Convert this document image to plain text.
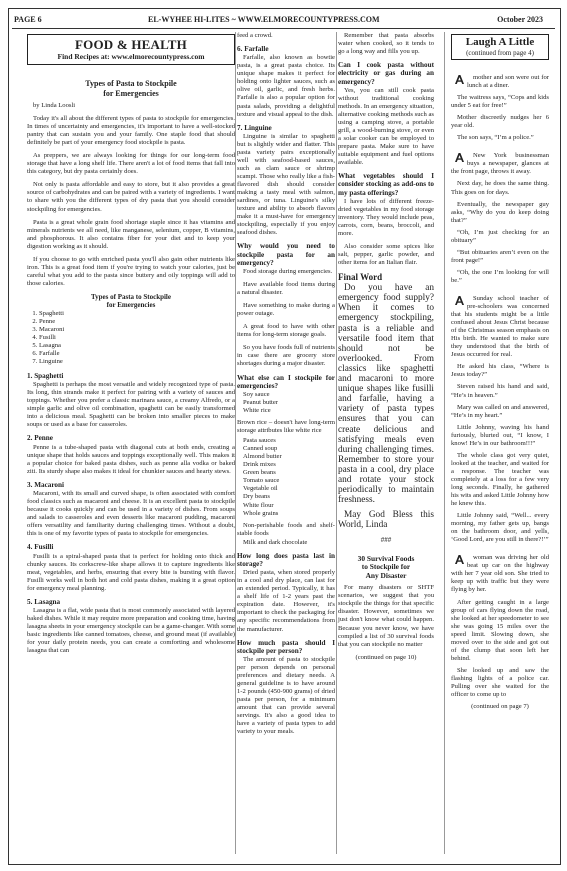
PAGE 6	EL-WYHEE HI-LITES ~ WWW.ELMORECOUNTYPRESS.COM	October 2023
FOOD & HEALTH
Find Recipes at: www.elmorecountypress.com
Types of Pasta to Stockpile
for Emergencies

by Linda Loosli

Today it's all about the different types of pasta to stockpile for emergencies. In times of uncertainty and emergencies, it's important to have a well-stocked pantry that can sustain you and your family. One staple food that should definitely be part of your emergency food stockpile is pasta.

As preppers, we are always looking for things for our long-term food storage that have a long shelf life. There aren't a lot of food items that fall into this category, but dry pasta certainly does.

Not only is pasta affordable and easy to store, but it also provides a great source of carbohydrates and can be paired with a variety of ingredients. I want to share with you the different types of dry pasta that you should consider stockpiling for emergencies.

Pasta is a great whole grain food shortage staple since it has vitamins and minerals nutrients we all need, like manganese, selenium, copper, B vitamins, and phosphorous. It also contains fiber for your diet and to keep your digestion working as it should.

If you choose to go with enriched pasta you'll also gain other nutrients like iron. This is a great food item if you're trying to watch your calories, just be careful what you add to the pasta since buttery and oily toppings will add to those calories.

Types of Pasta to Stockpile
for Emergencies
1. Spaghetti
2. Penne
3. Macaroni
4. Fusilli
5. Lasagna
6. Farfalle
7. Linguine
1. Spaghetti

Spaghetti is perhaps the most versatile and widely recognized type of pasta. Its long, thin strands make it perfect for pairing with a variety of sauces and toppings. Whether you prefer a classic marinara sauce, a creamy Alfredo, or a simple garlic and olive oil combination, spaghetti can be easily transformed into a delicious meal. Spaghetti can be broken into smaller pieces to make soups or used as a base for casseroles.

2. Penne

Penne is a tube-shaped pasta with diagonal cuts at both ends, creating a unique shape that holds sauces and toppings exceptionally well. This makes it a popular choice for baked pasta dishes, such as penne alla vodka or baked ziti. Its sturdy shape also makes it ideal for chunkier sauces and hearty stews.

3. Macaroni

Macaroni, with its small and curved shape, is often associated with comfort food classics such as macaroni and cheese. It is an excellent pasta to stockpile because it cooks quickly and can be used in a variety of dishes. From soups and salads to casseroles and even desserts like macaroni pudding, macaroni offers versatility and familiarity during challenging times. Without a doubt, this is one of my favorite types of pasta to stockpile for emergencies.

4. Fusilli

Fusilli is a spiral-shaped pasta that is perfect for holding onto thick and chunky sauces. Its corkscrew-like shape allows it to capture ingredients like meat, vegetables, and herbs, ensuring that every bite is bursting with flavor. Fusilli works well in both hot and cold pasta dishes, making it a great option for emergency meal planning.

5. Lasagna

Lasagna is a flat, wide pasta that is most commonly associated with layered baked dishes. While it may require more preparation and cooking time, having lasagna sheets in your emergency stockpile can be a game-changer. With some basic ingredients like canned tomatoes, cheese, and ground meat (if available) for your daily protein needs, you can create a comforting and wholesome lasagna that can

feed a crowd.

6. Farfalle

Farfalle, also known as bowtie pasta, is a great pasta choice. Its unique shape makes it perfect for holding onto lighter sauces, such as olive oil, garlic, and fresh herbs. Farfalle is also a popular option for pasta salads, providing a delightful texture and visual appeal to the dish.

7. Linguine

Linguine is similar to spaghetti but is slightly wider and flatter. This pasta variety pairs exceptionally well with seafood-based sauces, such as clam sauce or shrimp scampi. Those who really like a fish-flavored dish should consider making a tasty meal with salmon, sardines, or tuna. Linguine's silky texture and ability to absorb flavors make it a must-have for emergency stockpiling, especially if you enjoy seafood dishes.

Why would you need to stockpile pasta for an emergency?

Food storage during emergencies.

Have available food items during a natural disaster.

Have something to make during a power outage.

A great food to have with other items for long-term storage goals.

So you have foods full of nutrients in case there are grocery store shortages during a major disaster.

What else can I stockpile for emergencies?
Soy sauce
Peanut butter
White rice

Brown rice – doesn't have long-term storage attributes like white rice

Pasta sauces
Canned soup
Almond butter
Drink mixes
Green beans
Tomato sauce
Vegetable oil
Dry beans
White flour
Whole grains

Non-perishable foods and shelf-stable foods

Milk and dark chocolate

How long does pasta last in storage?

Dried pasta, when stored properly in a cool and dry place, can last for an extended period. Typically, it has a shelf life of 1-2 years past the expiration date. However, it's important to check the packaging for any specific recommendations from the manufacturer.

How much pasta should I stockpile per person?

The amount of pasta to stockpile per person depends on personal preferences and dietary needs. A general guideline is to have around 1-2 pounds (450-900 grams) of dried pasta per person, for a minimum amount that can provide several servings. It's also a good idea to have a variety of pasta types to add variety to your meals.

Remember that pasta absorbs water when cooked, so it tends to go a long way and fills you up.

Can I cook pasta without electricity or gas during an emergency?

Yes, you can still cook pasta without traditional cooking methods. In an emergency situation, alternative cooking methods such as using a camping stove, a portable grill, a wood-burning stove, or even a solar cooker can be employed to prepare pasta. Make sure to have suitable equipment and fuel options available.

What vegetables should I consider stocking as add-ons to my pasta offerings?

I have lots of different freeze-dried vegetables in my food storage inventory. They would include peas, carrots, corn, beans, broccoli, and more.

Also consider some spices like salt, pepper, garlic powder, and other items for an Italian flair.

Final Word

Do you have an emergency food supply? When it comes to emergency stockpiling, pasta is a reliable and versatile food item that should not be overlooked. From classics like spaghetti and macaroni to more unique shapes like fusilli and farfalle, having a variety of pasta types ensures that you can create delicious and satisfying meals even during challenging times. Remember to store your pasta in a cool, dry place and rotate your stock periodically to maintain freshness.

May God Bless this World, Linda

###
30 Survival Foods
to Stockpile for
Any Disaster

For many disasters or SHTF scenarios, we suggest that you stockpile the things for that specific disaster. However, sometimes we just don't know what could happen. Because you never know, we have compiled a list of 30 survival foods that you can stockpile no matter

(continued on page 10)
Laugh A Little
(continued from page 4)

mother and son were out for lunch at a diner.

The waitress says, “Cops and kids under 5 eat for free!”

Mother discreetly nudges her 6 year old.

The son says, “I’m a police.”

New York businessman buys a newspaper, glances at the front page, throws it away.

Next day, he does the same thing. This goes on for days.

Eventually, the newspaper guy asks, “Why do you do keep doing that?”

“Oh, I’m just checking for an obituary”

“But obituaries aren’t even on the front page!”

“Oh, the one I’m looking for will be.”

Sunday school teacher of pre-schoolers was concerned that his students might be a little confused about Jesus Christ because of the Christmas season emphasis on His birth. He wanted to make sure they understood that the birth of Jesus occurred for real.

He asked his class, “Where is Jesus today?”

Steven raised his hand and said, “He’s in heaven.”

Mary was called on and answered, “He’s in my heart.”

Little Johnny, waving his hand furiously, blurted out, “I know, I know! He’s in our bathroom!!!”

The whole class got very quiet, looked at the teacher, and waited for a response. The teacher was completely at a loss for a few very long seconds. Finally, he gathered his wits and asked Little Johnny how he knew this.

Little Johnny said, “Well... every morning, my father gets up, bangs on the bathroom door, and yells, ‘Good Lord, are you still in there?!’”

woman was driving her old beat up car on the highway with her 7 year old son. She tried to keep up with traffic but they were flying by her.

After getting caught in a large group of cars flying down the road, she looked at her speedometer to see she was going 15 miles over the speed limit. Slowing down, she moved over to the side and got out of the clump that soon left her behind.

She looked up and saw the flashing lights of a police car. Pulling over she waited for the officer to come up to

(continued on page 7)
